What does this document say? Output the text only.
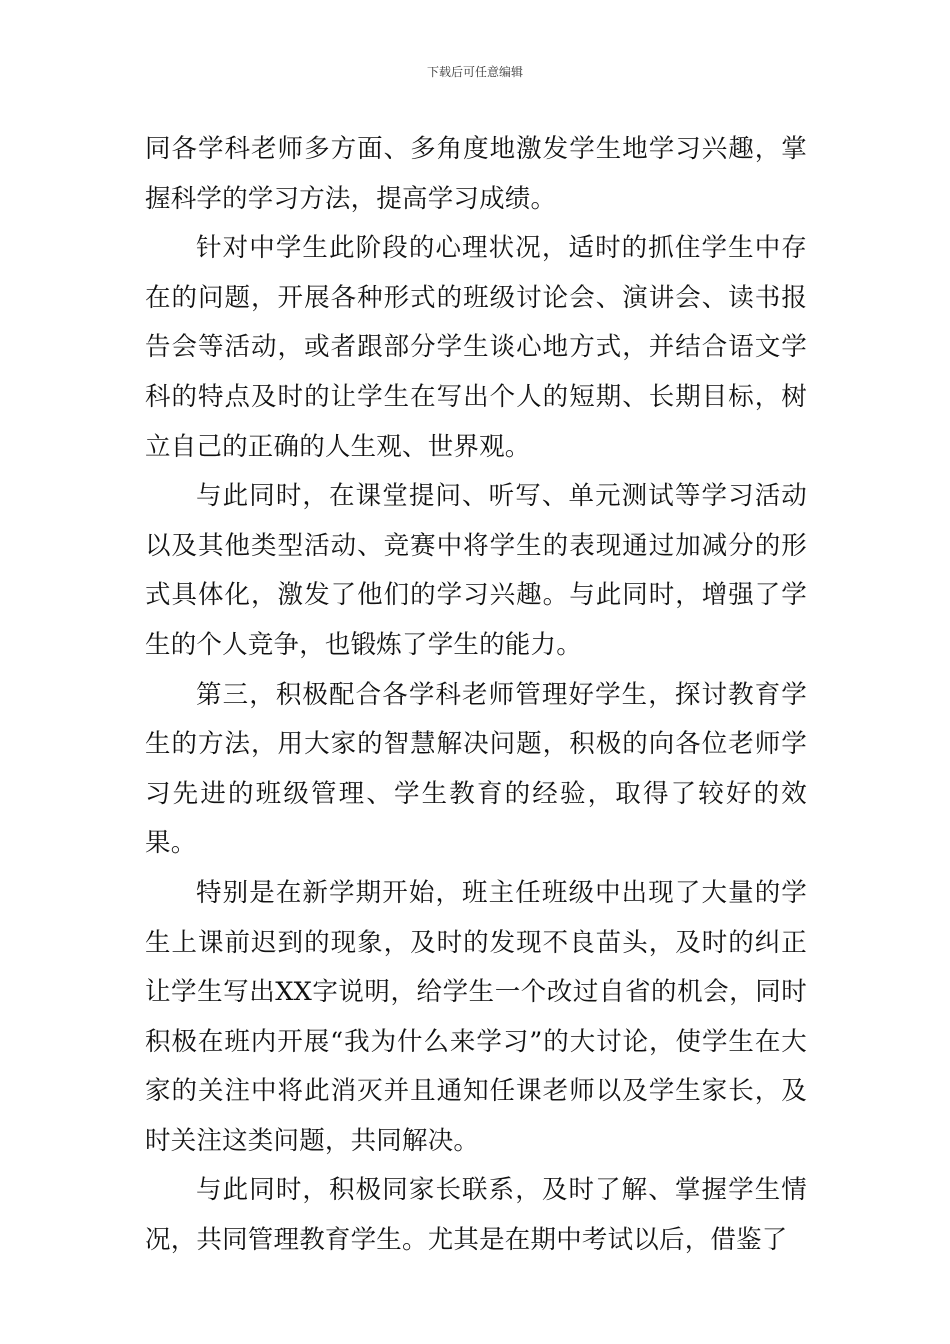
下载后可任意编辑

同各学科老师多方面、多角度地激发学生地学习兴趣，掌握科学的学习方法，提高学习成绩。

针对中学生此阶段的心理状况，适时的抓住学生中存在的问题，开展各种形式的班级讨论会、演讲会、读书报告会等活动，或者跟部分学生谈心地方式，并结合语文学科的特点及时的让学生在写出个人的短期、长期目标，树立自己的正确的人生观、世界观。

与此同时，在课堂提问、听写、单元测试等学习活动以及其他类型活动、竞赛中将学生的表现通过加减分的形式具体化，激发了他们的学习兴趣。与此同时，增强了学生的个人竞争，也锻炼了学生的能力。

第三，积极配合各学科老师管理好学生，探讨教育学生的方法，用大家的智慧解决问题，积极的向各位老师学习先进的班级管理、学生教育的经验，取得了较好的效果。

特别是在新学期开始，班主任班级中出现了大量的学生上课前迟到的现象，及时的发现不良苗头，及时的纠正让学生写出XX字说明，给学生一个改过自省的机会，同时积极在班内开展“我为什么来学习”的大讨论，使学生在大家的关注中将此消灭并且通知任课老师以及学生家长，及时关注这类问题，共同解决。

与此同时，积极同家长联系，及时了解、掌握学生情况，共同管理教育学生。尤其是在期中考试以后，借鉴了
